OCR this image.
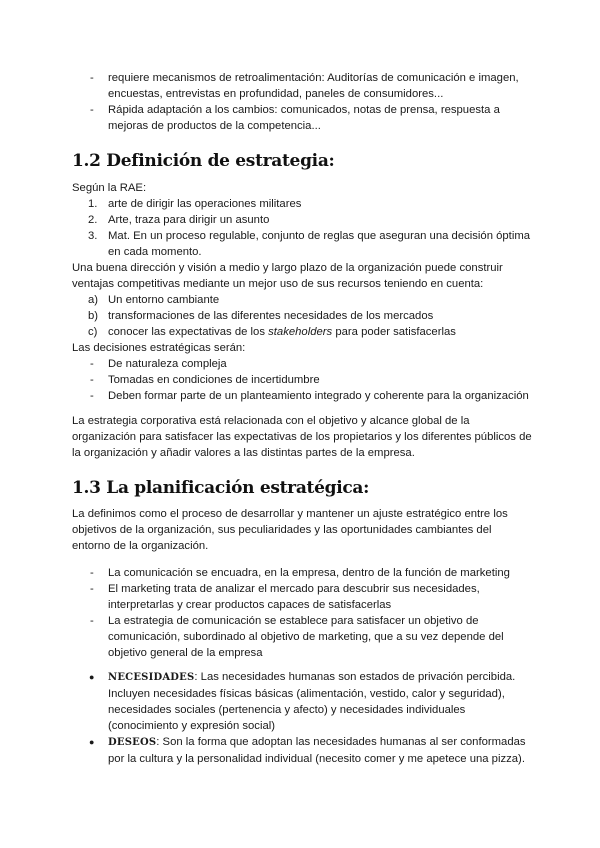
- requiere mecanismos de retroalimentación: Auditorías de comunicación e imagen, encuestas, entrevistas en profundidad, paneles de consumidores...
- Rápida adaptación a los cambios: comunicados, notas de prensa, respuesta a mejoras de productos de la competencia...
1.2 Definición de estrategia:
Según la RAE:
1. arte de dirigir las operaciones militares
2. Arte, traza para dirigir un asunto
3. Mat. En un proceso regulable, conjunto de reglas que aseguran una decisión óptima en cada momento.
Una buena dirección y visión a medio y largo plazo de la organización puede construir ventajas competitivas mediante un mejor uso de sus recursos teniendo en cuenta:
a) Un entorno cambiante
b) transformaciones de las diferentes necesidades de los mercados
c) conocer las expectativas de los stakeholders para poder satisfacerlas
Las decisiones estratégicas serán:
- De naturaleza compleja
- Tomadas en condiciones de incertidumbre
- Deben formar parte de un planteamiento integrado y coherente para la organización
La estrategia corporativa está relacionada con el objetivo y alcance global de la organización para satisfacer las expectativas de los propietarios y los diferentes públicos de la organización y añadir valores a las distintas partes de la empresa.
1.3 La planificación estratégica:
La definimos como el proceso de desarrollar y mantener un ajuste estratégico entre los objetivos de la organización, sus peculiaridades y las oportunidades cambiantes del entorno de la organización.
- La comunicación se encuadra, en la empresa, dentro de la función de marketing
- El marketing trata de analizar el mercado para descubrir sus necesidades, interpretarlas y crear productos capaces de satisfacerlas
- La estrategia de comunicación se establece para satisfacer un objetivo de comunicación, subordinado al objetivo de marketing, que a su vez depende del objetivo general de la empresa
● NECESIDADES: Las necesidades humanas son estados de privación percibida. Incluyen necesidades físicas básicas (alimentación, vestido, calor y seguridad), necesidades sociales (pertenencia y afecto) y necesidades individuales (conocimiento y expresión social)
● DESEOS: Son la forma que adoptan las necesidades humanas al ser conformadas por la cultura y la personalidad individual (necesito comer y me apetece una pizza).
